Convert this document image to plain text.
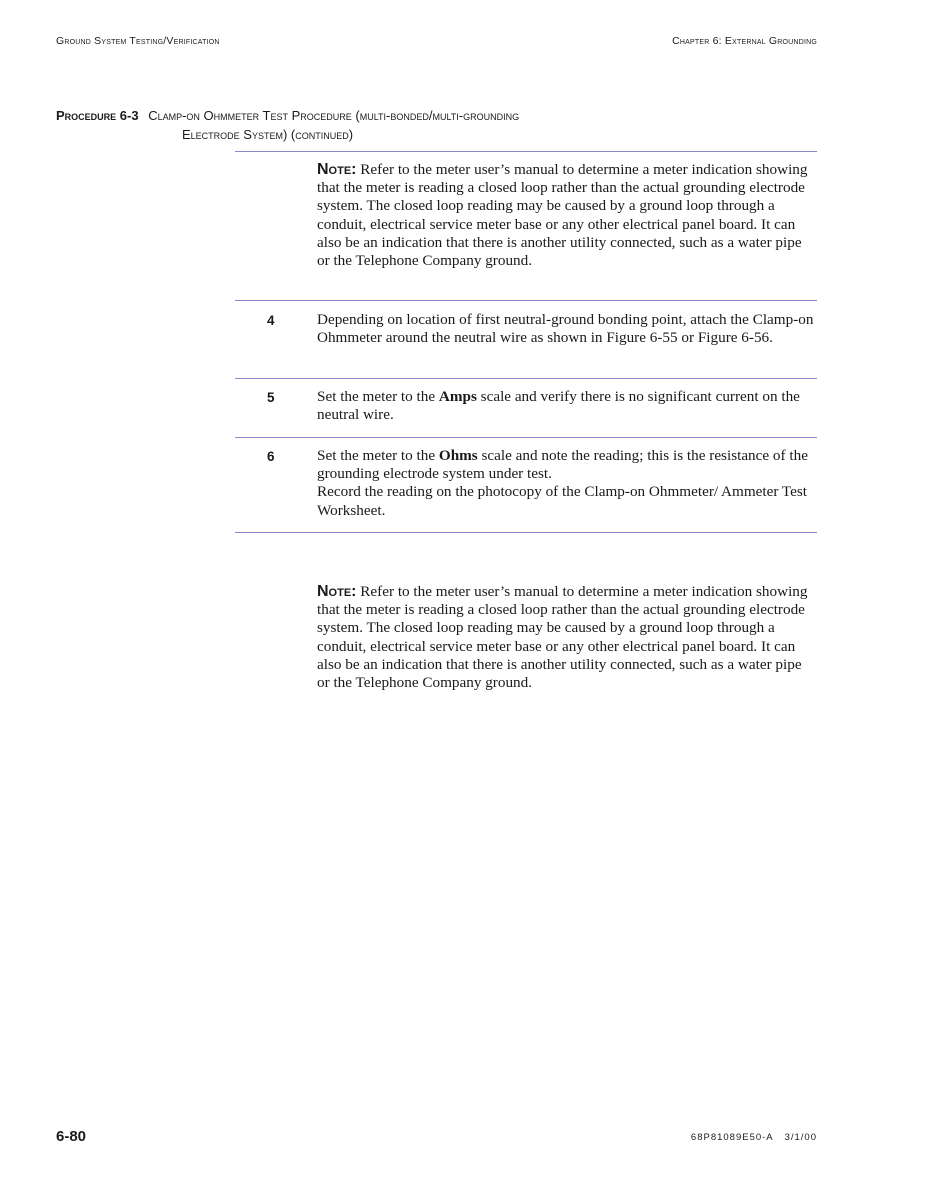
Ground System Testing/Verification	Chapter 6: External Grounding
Procedure 6-3 Clamp-on Ohmmeter Test Procedure (multi-bonded/multi-grounding
Electrode System) (continued)
Note: Refer to the meter user’s manual to determine a meter indication showing that the meter is reading a closed loop rather than the actual grounding electrode system. The closed loop reading may be caused by a ground loop through a conduit, electrical service meter base or any other electrical panel board. It can also be an indication that there is another utility connected, such as a water pipe or the Telephone Company ground.
4	Depending on location of first neutral-ground bonding point, attach the Clamp-on Ohmmeter around the neutral wire as shown in Figure 6-55 or Figure 6-56.
5	Set the meter to the Amps scale and verify there is no significant current on the neutral wire.
6	Set the meter to the Ohms scale and note the reading; this is the resistance of the grounding electrode system under test.
Record the reading on the photocopy of the Clamp-on Ohmmeter/ Ammeter Test Worksheet.
Note: Refer to the meter user’s manual to determine a meter indication showing that the meter is reading a closed loop rather than the actual grounding electrode system. The closed loop reading may be caused by a ground loop through a conduit, electrical service meter base or any other electrical panel board. It can also be an indication that there is another utility connected, such as a water pipe or the Telephone Company ground.
6-80	68P81089E50-A 3/1/00
